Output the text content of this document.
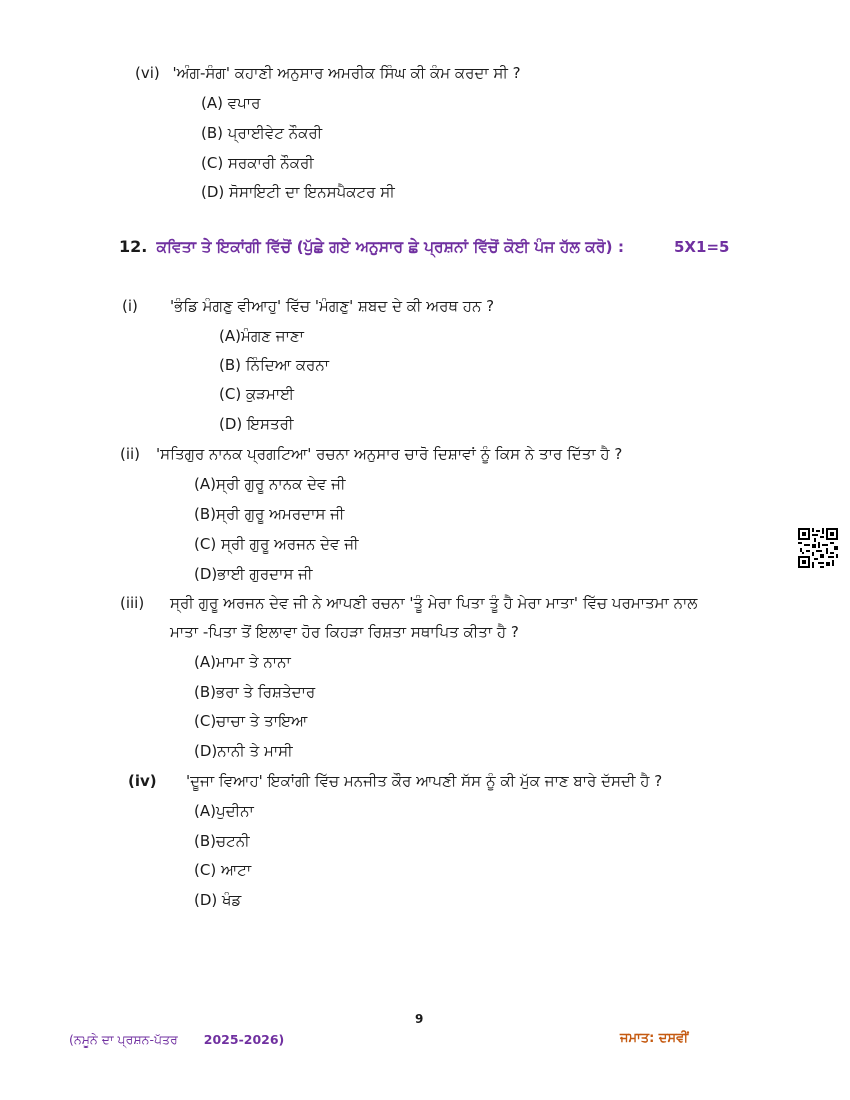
(vi) 'ਅੰਗ-ਸੰਗ' ਕਹਾਣੀ ਅਨੁਸਾਰ ਅਮਰੀਕ ਸਿੰਘ ਕੀ ਕੰਮ ਕਰਦਾ ਸੀ ?
(A) ਵਪਾਰ
(B) ਪ੍ਰਾਈਵੇਟ ਨੌਕਰੀ
(C) ਸਰਕਾਰੀ ਨੌਕਰੀ
(D) ਸੋਸਾਇਟੀ ਦਾ ਇਨਸਪੈਕਟਰ ਸੀ
12. ਕਵਿਤਾ ਤੇ ਇਕਾਂਗੀ ਵਿੱਚੋਂ (ਪੁੱਛੇ ਗਏ ਅਨੁਸਾਰ ਛੇ ਪ੍ਰਸ਼ਨਾਂ ਵਿੱਚੋਂ ਕੋਈ ਪੰਜ ਹੱਲ ਕਰੋ) :	5X1=5
(i) 'ਭੰਡਿ ਮੰਗਣੁ ਵੀਆਹੁ' ਵਿੱਚ 'ਮੰਗਣੁ' ਸ਼ਬਦ ਦੇ ਕੀ ਅਰਥ ਹਨ ?
(A)ਮੰਗਣ ਜਾਣਾ
(B) ਨਿੰਦਿਆ ਕਰਨਾ
(C) ਕੁੜਮਾਈ
(D) ਇਸਤਰੀ
(ii) 'ਸਤਿਗੁਰ ਨਾਨਕ ਪ੍ਰਗਟਿਆ' ਰਚਨਾ ਅਨੁਸਾਰ ਚਾਰੋ ਦਿਸ਼ਾਵਾਂ ਨੂੰ ਕਿਸ ਨੇ ਤਾਰ ਦਿੱਤਾ ਹੈ ?
(A)ਸ੍ਰੀ ਗੁਰੂ ਨਾਨਕ ਦੇਵ ਜੀ
(B)ਸ੍ਰੀ ਗੁਰੂ ਅਮਰਦਾਸ ਜੀ
(C) ਸ੍ਰੀ ਗੁਰੂ ਅਰਜਨ ਦੇਵ ਜੀ
(D)ਭਾਈ ਗੁਰਦਾਸ ਜੀ
(iii) ਸ੍ਰੀ ਗੁਰੂ ਅਰਜਨ ਦੇਵ ਜੀ ਨੇ ਆਪਣੀ ਰਚਨਾ 'ਤੂੰ ਮੇਰਾ ਪਿਤਾ ਤੂੰ ਹੈ ਮੇਰਾ ਮਾਤਾ' ਵਿੱਚ ਪਰਮਾਤਮਾ ਨਾਲ
ਮਾਤਾ -ਪਿਤਾ ਤੋਂ ਇਲਾਵਾ ਹੋਰ ਕਿਹੜਾ ਰਿਸ਼ਤਾ ਸਥਾਪਿਤ ਕੀਤਾ ਹੈ ?
(A)ਮਾਮਾ ਤੇ ਨਾਨਾ
(B)ਭਰਾ ਤੇ ਰਿਸ਼ਤੇਦਾਰ
(C)ਚਾਚਾ ਤੇ ਤਾਇਆ
(D)ਨਾਨੀ ਤੇ ਮਾਸੀ
(iv) 'ਦੂਜਾ ਵਿਆਹ' ਇਕਾਂਗੀ ਵਿੱਚ ਮਨਜੀਤ ਕੌਰ ਆਪਣੀ ਸੱਸ ਨੂੰ ਕੀ ਮੁੱਕ ਜਾਣ ਬਾਰੇ ਦੱਸਦੀ ਹੈ ?
(A)ਪੁਦੀਨਾ
(B)ਚਟਨੀ
(C) ਆਟਾ
(D) ਖੰਡ
9
(ਨਮੂਨੇ ਦਾ ਪ੍ਰਸ਼ਨ-ਪੱਤਰ 2025-2026)	ਜਮਾਤ: ਦਸਵੀਂ
